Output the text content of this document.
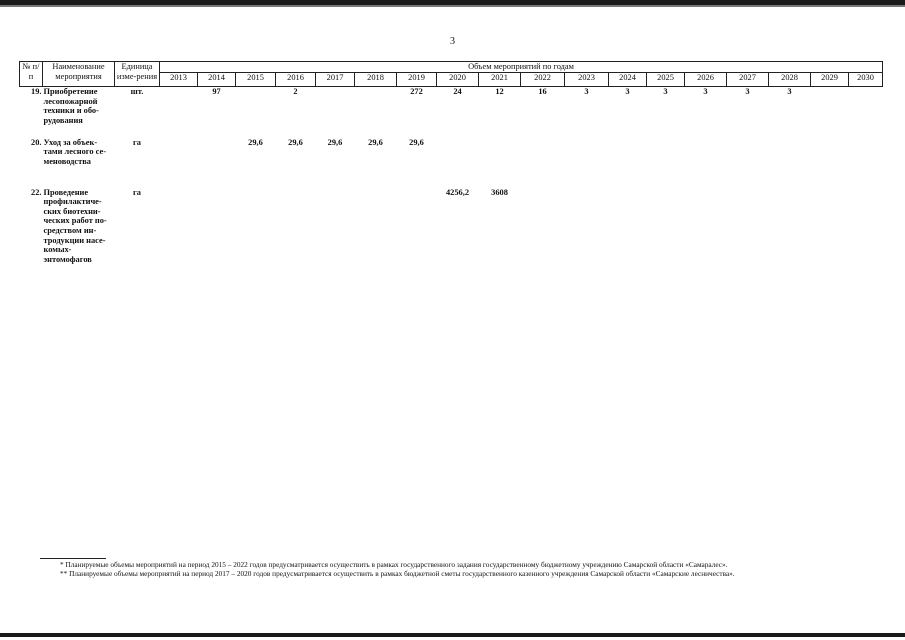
3
№ п/п	Наименование мероприятия	Единица изме-рения	Объем мероприятий по годам																	
			2013	2014	2015	2016	2017	2018	2019	2020	2021	2022	2023	2024	2025	2026	2027	2028	2029	2030
19.	Приобретение лесопожарной техники и обо-рудования	шт.		97		2			272	24	12	16	3	3	3	3	3	3		
20.	Уход за объек-тами лесного се-меноводства	га			29,6	29,6	29,6	29,6	29,6											
22.	Проведение профилактиче-ских биотехни-ческих работ по-средством ин-тродукции насе-комых-энтомофагов	га								4256,2	3608									

* Планируемые объемы мероприятий на период 2015 – 2022 годов предусматривается осуществить в рамках государственного задания государственному бюджетному учреждению Самарской области «Самаралес».

** Планируемые объемы мероприятий на период 2017 – 2020 годов предусматривается осуществить в рамках бюджетной сметы государственного казенного учреждения Самарской области «Самарские лесничества».
